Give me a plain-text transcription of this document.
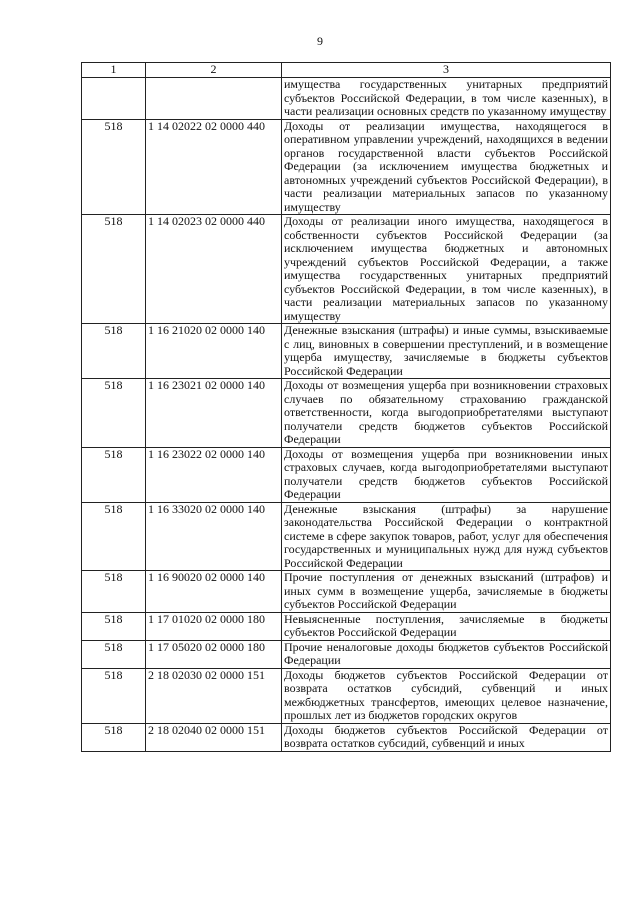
9
1	2	3
		имущества государственных унитарных предприятий субъектов Российской Федерации, в том числе казенных), в части реализации основных средств по указанному имуществу
518	1 14 02022 02 0000 440	Доходы от реализации имущества, находящегося в оперативном управлении учреждений, находящихся в ведении органов государственной власти субъектов Российской Федерации (за исключением имущества бюджетных и автономных учреждений субъектов Российской Федерации), в части реализации материальных запасов по указанному имуществу
518	1 14 02023 02 0000 440	Доходы от реализации иного имущества, находящегося в собственности субъектов Российской Федерации (за исключением имущества бюджетных и автономных учреждений субъектов Российской Федерации, а также имущества государственных унитарных предприятий субъектов Российской Федерации, в том числе казенных), в части реализации материальных запасов по указанному имуществу
518	1 16 21020 02 0000 140	Денежные взыскания (штрафы) и иные суммы, взыскиваемые с лиц, виновных в совершении преступлений, и в возмещение ущерба имуществу, зачисляемые в бюджеты субъектов Российской Федерации
518	1 16 23021 02 0000 140	Доходы от возмещения ущерба при возникновении страховых случаев по обязательному страхованию гражданской ответственности, когда выгодоприобретателями выступают получатели средств бюджетов субъектов Российской Федерации
518	1 16 23022 02 0000 140	Доходы от возмещения ущерба при возникновении иных страховых случаев, когда выгодоприобретателями выступают получатели средств бюджетов субъектов Российской Федерации
518	1 16 33020 02 0000 140	Денежные взыскания (штрафы) за нарушение законодательства Российской Федерации о контрактной системе в сфере закупок товаров, работ, услуг для обеспечения государственных и муниципальных нужд для нужд субъектов Российской Федерации
518	1 16 90020 02 0000 140	Прочие поступления от денежных взысканий (штрафов) и иных сумм в возмещение ущерба, зачисляемые в бюджеты субъектов Российской Федерации
518	1 17 01020 02 0000 180	Невыясненные поступления, зачисляемые в бюджеты субъектов Российской Федерации
518	1 17 05020 02 0000 180	Прочие неналоговые доходы бюджетов субъектов Российской Федерации
518	2 18 02030 02 0000 151	Доходы бюджетов субъектов Российской Федерации от возврата остатков субсидий, субвенций и иных межбюджетных трансфертов, имеющих целевое назначение, прошлых лет из бюджетов городских округов
518	2 18 02040 02 0000 151	Доходы бюджетов субъектов Российской Федерации от возврата остатков субсидий, субвенций и иных
